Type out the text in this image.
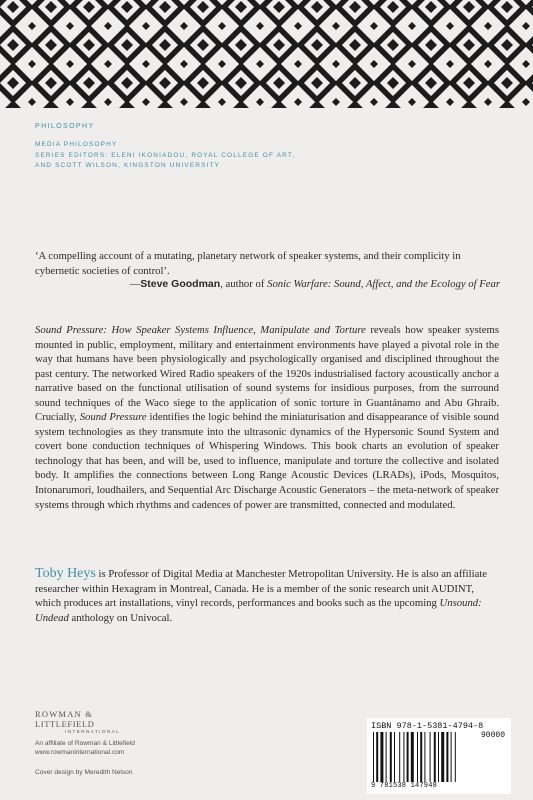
PHILOSOPHY
MEDIA PHILOSOPHY
SERIES EDITORS: ELENI IKONIADOU, ROYAL COLLEGE OF ART,
AND SCOTT WILSON, KINGSTON UNIVERSITY
‘A compelling account of a mutating, planetary network of speaker systems, and their complicity in cybernetic societies of control’.
—Steve Goodman, author of Sonic Warfare: Sound, Affect, and the Ecology of Fear

Sound Pressure: How Speaker Systems Influence, Manipulate and Torture reveals how speaker systems mounted in public, employment, military and entertainment environments have played a pivotal role in the way that humans have been physiologically and psychologically organised and disciplined throughout the past century. The networked Wired Radio speakers of the 1920s industrialised factory acoustically anchor a narrative based on the functional utilisation of sound systems for insidious purposes, from the surround sound techniques of the Waco siege to the application of sonic torture in Guantánamo and Abu Ghraib. Crucially, Sound Pressure identifies the logic behind the miniaturisation and disappearance of visible sound system technologies as they transmute into the ultrasonic dynamics of the Hypersonic Sound System and covert bone conduction techniques of Whispering Windows. This book charts an evolution of speaker technology that has been, and will be, used to influence, manipulate and torture the collective and isolated body. It amplifies the connections between Long Range Acoustic Devices (LRADs), iPods, Mosquitos, Intonarumori, loudhailers, and Sequential Arc Discharge Acoustic Generators – the meta-network of speaker systems through which rhythms and cadences of power are transmitted, connected and modulated.

Toby Heys is Professor of Digital Media at Manchester Metropolitan University. He is also an affiliate researcher within Hexagram in Montreal, Canada. He is a member of the sonic research unit AUDINT, which produces art installations, vinyl records, performances and books such as the upcoming Unsound: Undead anthology on Univocal.

ROWMAN &
LITTLEFIELD
INTERNATIONAL
An affiliate of Rowman & Littlefield
www.rowmaninternational.com
Cover design by Meredith Nelson
ISBN 978-1-5381-4794-8
90000
9 781538 147948
